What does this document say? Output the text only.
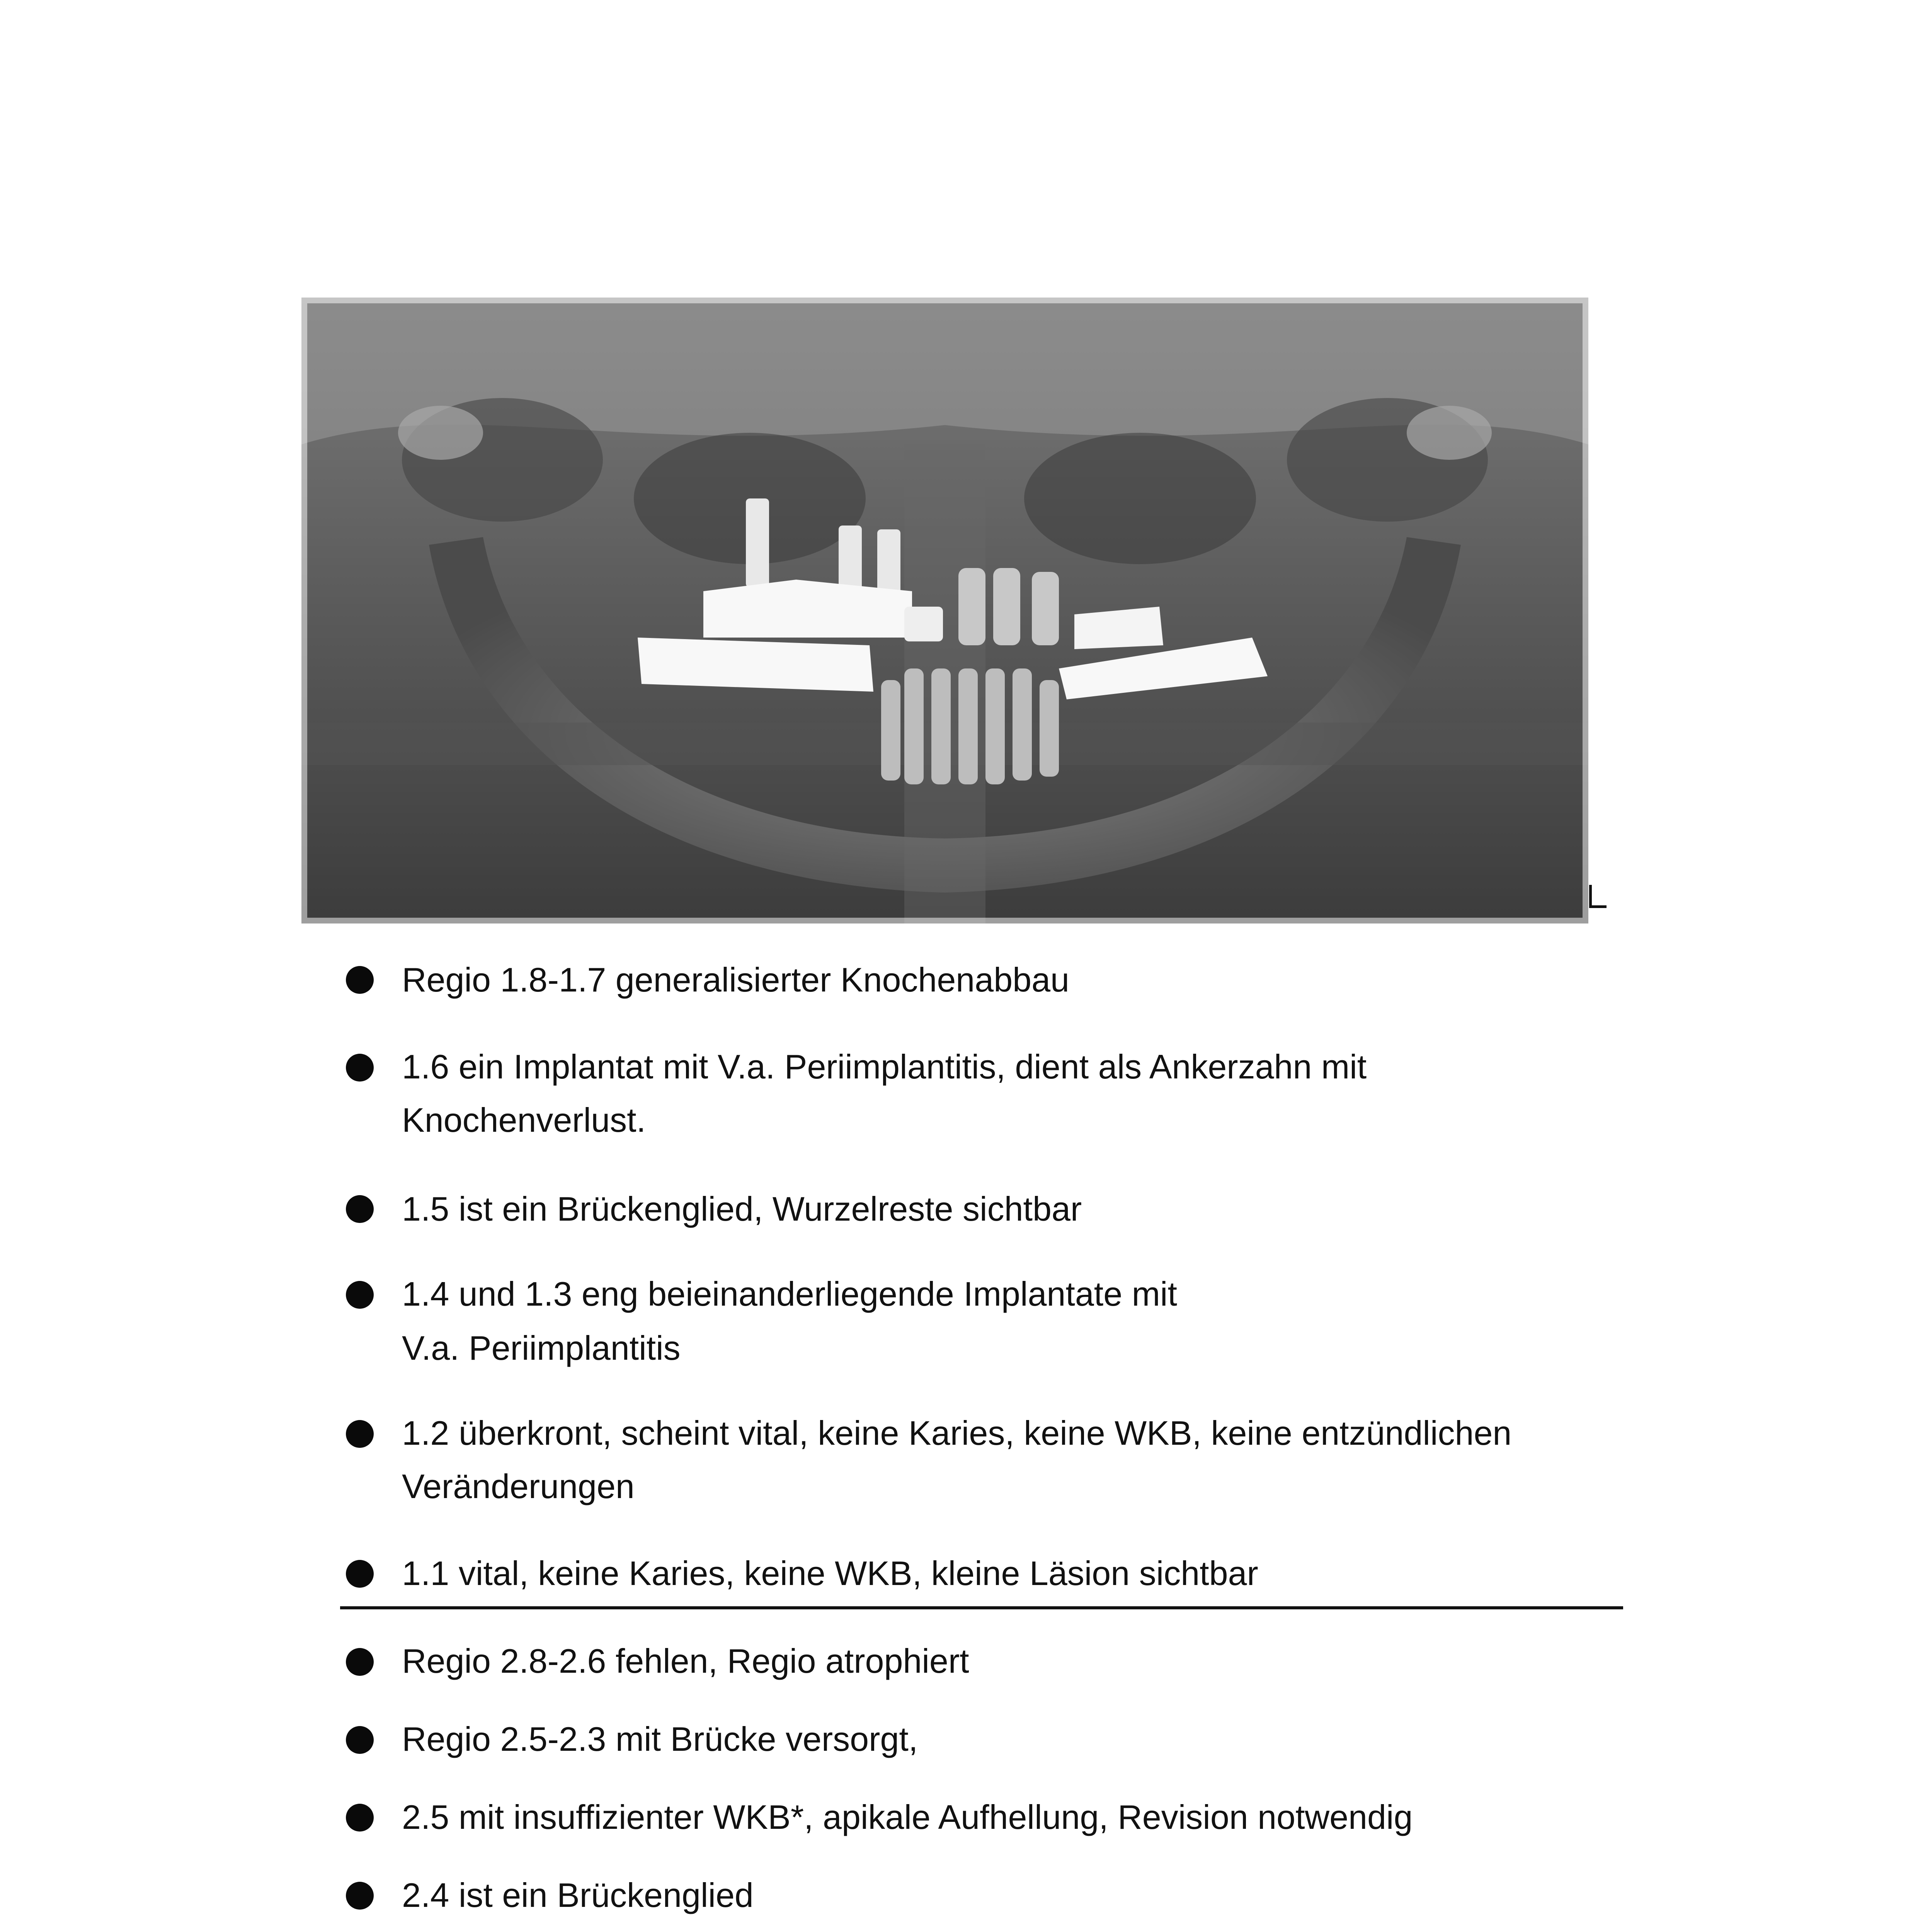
Regio 1.8-1.7 generalisierter Knochenabbau
1.6 ein Implantat mit V.a. Periimplantitis, dient als Ankerzahn mit
Knochenverlust.
1.5 ist ein Brückenglied, Wurzelreste sichtbar
1.4 und 1.3 eng beieinanderliegende Implantate mit
V.a. Periimplantitis
1.2 überkront, scheint vital, keine Karies, keine WKB, keine entzündlichen
Veränderungen
1.1 vital, keine Karies, keine WKB, kleine Läsion sichtbar
Regio 2.8-2.6 fehlen, Regio atrophiert
Regio 2.5-2.3 mit Brücke versorgt,
2.5 mit insuffizienter WKB*, apikale Aufhellung, Revision notwendig
2.4 ist ein Brückenglied
